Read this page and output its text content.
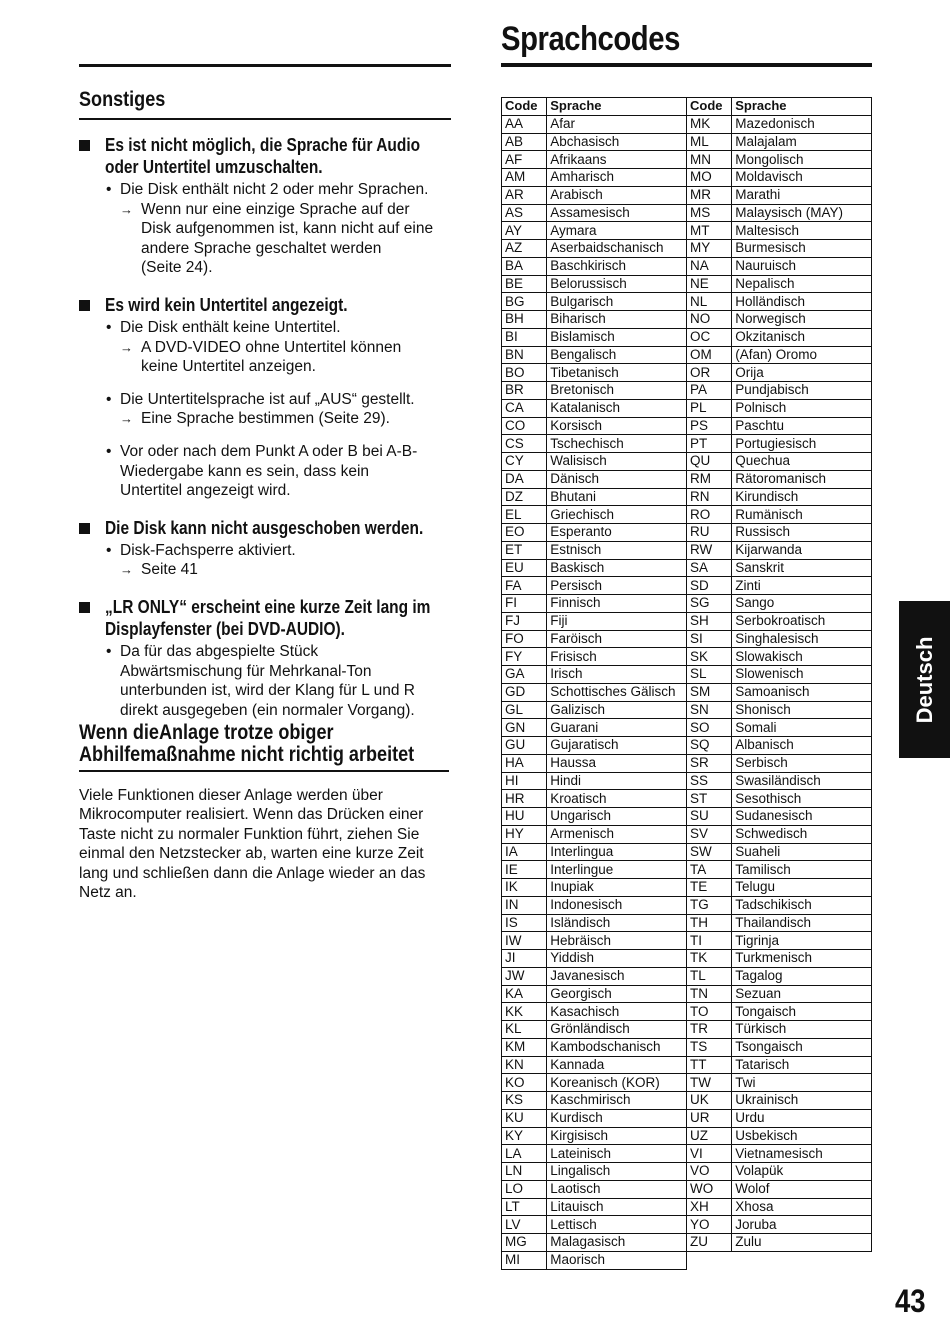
Sprachcodes
Sonstiges
Es ist nicht möglich, die Sprache für Audio
oder Untertitel umzuschalten.
• Die Disk enthält nicht 2 oder mehr Sprachen.
→ Wenn nur eine einzige Sprache auf der
Disk aufgenommen ist, kann nicht auf eine
andere Sprache geschaltet werden
(Seite 24).
Es wird kein Untertitel angezeigt.
• Die Disk enthält keine Untertitel.
→ A DVD-VIDEO ohne Untertitel können
keine Untertitel anzeigen.
• Die Untertitelsprache ist auf „AUS“ gestellt.
→ Eine Sprache bestimmen (Seite 29).
• Vor oder nach dem Punkt A oder B bei A-B-
Wiedergabe kann es sein, dass kein
Untertitel angezeigt wird.
Die Disk kann nicht ausgeschoben werden.
• Disk-Fachsperre aktiviert.
→ Seite 41
„LR ONLY“ erscheint eine kurze Zeit lang im
Displayfenster (bei DVD-AUDIO).
• Da für das abgespielte Stück
Abwärtsmischung für Mehrkanal-Ton
unterbunden ist, wird der Klang für L und R
direkt ausgegeben (ein normaler Vorgang).
Wenn dieAnlage trotze obiger
Abhilfemaßnahme nicht richtig arbeitet

Viele Funktionen dieser Anlage werden über Mikrocomputer realisiert. Wenn das Drücken einer Taste nicht zu normaler Funktion führt, ziehen Sie einmal den Netzstecker ab, warten eine kurze Zeit lang und schließen dann die Anlage wieder an das Netz an.

Code	Sprache
AA	Afar
AB	Abchasisch
AF	Afrikaans
AM	Amharisch
AR	Arabisch
AS	Assamesisch
AY	Aymara
AZ	Aserbaidschanisch
BA	Baschkirisch
BE	Belorussisch
BG	Bulgarisch
BH	Biharisch
BI	Bislamisch
BN	Bengalisch
BO	Tibetanisch
BR	Bretonisch
CA	Katalanisch
CO	Korsisch
CS	Tschechisch
CY	Walisisch
DA	Dänisch
DZ	Bhutani
EL	Griechisch
EO	Esperanto
ET	Estnisch
EU	Baskisch
FA	Persisch
FI	Finnisch
FJ	Fiji
FO	Faröisch
FY	Frisisch
GA	Irisch
GD	Schottisches Gälisch
GL	Galizisch
GN	Guarani
GU	Gujaratisch
HA	Haussa
HI	Hindi
HR	Kroatisch
HU	Ungarisch
HY	Armenisch
IA	Interlingua
IE	Interlingue
IK	Inupiak
IN	Indonesisch
IS	Isländisch
IW	Hebräisch
JI	Yiddish
JW	Javanesisch
KA	Georgisch
KK	Kasachisch
KL	Grönländisch
KM	Kambodschanisch
KN	Kannada
KO	Koreanisch (KOR)
KS	Kaschmirisch
KU	Kurdisch
KY	Kirgisisch
LA	Lateinisch
LN	Lingalisch
LO	Laotisch
LT	Litauisch
LV	Lettisch
MG	Malagasisch
MI	Maorisch
Code	Sprache
MK	Mazedonisch
ML	Malajalam
MN	Mongolisch
MO	Moldavisch
MR	Marathi
MS	Malaysisch (MAY)
MT	Maltesisch
MY	Burmesisch
NA	Nauruisch
NE	Nepalisch
NL	Holländisch
NO	Norwegisch
OC	Okzitanisch
OM	(Afan) Oromo
OR	Orija
PA	Pundjabisch
PL	Polnisch
PS	Paschtu
PT	Portugiesisch
QU	Quechua
RM	Rätoromanisch
RN	Kirundisch
RO	Rumänisch
RU	Russisch
RW	Kijarwanda
SA	Sanskrit
SD	Zinti
SG	Sango
SH	Serbokroatisch
SI	Singhalesisch
SK	Slowakisch
SL	Slowenisch
SM	Samoanisch
SN	Shonisch
SO	Somali
SQ	Albanisch
SR	Serbisch
SS	Swasiländisch
ST	Sesothisch
SU	Sudanesisch
SV	Schwedisch
SW	Suaheli
TA	Tamilisch
TE	Telugu
TG	Tadschikisch
TH	Thailandisch
TI	Tigrinja
TK	Turkmenisch
TL	Tagalog
TN	Sezuan
TO	Tongaisch
TR	Türkisch
TS	Tsongaisch
TT	Tatarisch
TW	Twi
UK	Ukrainisch
UR	Urdu
UZ	Usbekisch
VI	Vietnamesisch
VO	Volapük
WO	Wolof
XH	Xhosa
YO	Joruba
ZU	Zulu
Deutsch
43
